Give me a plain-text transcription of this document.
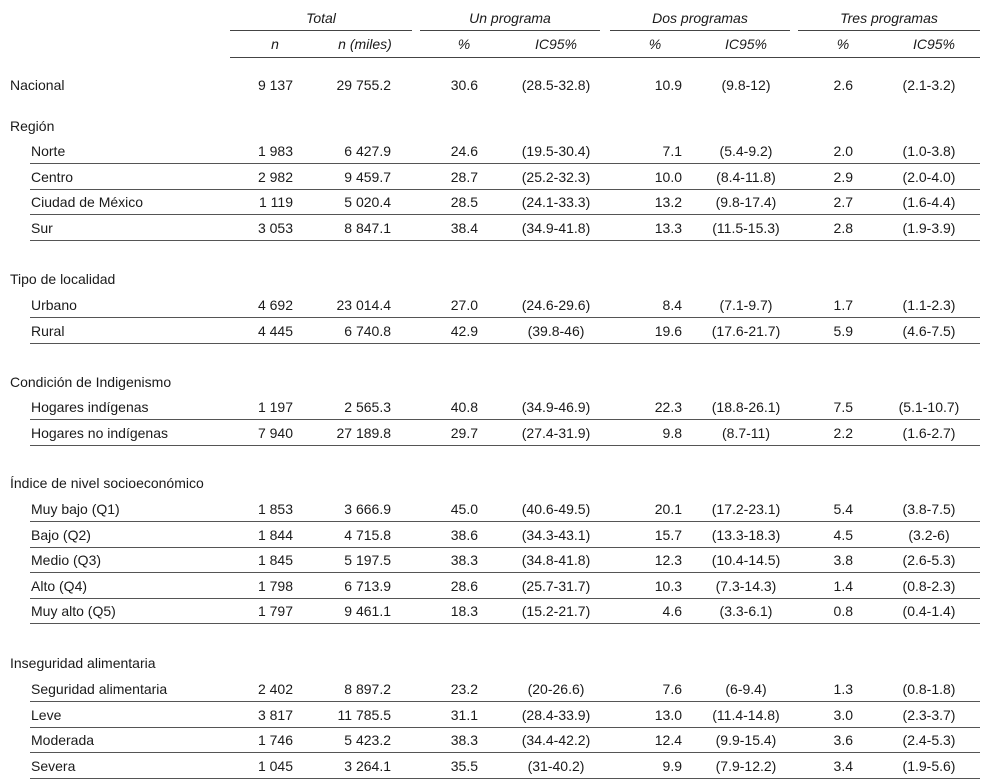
Total	Un programa	Dos programas	Tres programas
n	n (miles)	%	IC95%	%	IC95%	%	IC95%
Nacional	9 137	29 755.2	30.6	(28.5-32.8)	10.9	(9.8-12)	2.6	(2.1-3.2)
Región
Norte	1 983	6 427.9	24.6	(19.5-30.4)	7.1	(5.4-9.2)	2.0	(1.0-3.8)
Centro	2 982	9 459.7	28.7	(25.2-32.3)	10.0	(8.4-11.8)	2.9	(2.0-4.0)
Ciudad de México	1 119	5 020.4	28.5	(24.1-33.3)	13.2	(9.8-17.4)	2.7	(1.6-4.4)
Sur	3 053	8 847.1	38.4	(34.9-41.8)	13.3	(11.5-15.3)	2.8	(1.9-3.9)
Tipo de localidad
Urbano	4 692	23 014.4	27.0	(24.6-29.6)	8.4	(7.1-9.7)	1.7	(1.1-2.3)
Rural	4 445	6 740.8	42.9	(39.8-46)	19.6	(17.6-21.7)	5.9	(4.6-7.5)
Condición de Indigenismo
Hogares indígenas	1 197	2 565.3	40.8	(34.9-46.9)	22.3	(18.8-26.1)	7.5	(5.1-10.7)
Hogares no indígenas	7 940	27 189.8	29.7	(27.4-31.9)	9.8	(8.7-11)	2.2	(1.6-2.7)
Índice de nivel socioeconómico
Muy bajo (Q1)	1 853	3 666.9	45.0	(40.6-49.5)	20.1	(17.2-23.1)	5.4	(3.8-7.5)
Bajo (Q2)	1 844	4 715.8	38.6	(34.3-43.1)	15.7	(13.3-18.3)	4.5	(3.2-6)
Medio (Q3)	1 845	5 197.5	38.3	(34.8-41.8)	12.3	(10.4-14.5)	3.8	(2.6-5.3)
Alto (Q4)	1 798	6 713.9	28.6	(25.7-31.7)	10.3	(7.3-14.3)	1.4	(0.8-2.3)
Muy alto (Q5)	1 797	9 461.1	18.3	(15.2-21.7)	4.6	(3.3-6.1)	0.8	(0.4-1.4)
Inseguridad alimentaria
Seguridad alimentaria	2 402	8 897.2	23.2	(20-26.6)	7.6	(6-9.4)	1.3	(0.8-1.8)
Leve	3 817	11 785.5	31.1	(28.4-33.9)	13.0	(11.4-14.8)	3.0	(2.3-3.7)
Moderada	1 746	5 423.2	38.3	(34.4-42.2)	12.4	(9.9-15.4)	3.6	(2.4-5.3)
Severa	1 045	3 264.1	35.5	(31-40.2)	9.9	(7.9-12.2)	3.4	(1.9-5.6)
